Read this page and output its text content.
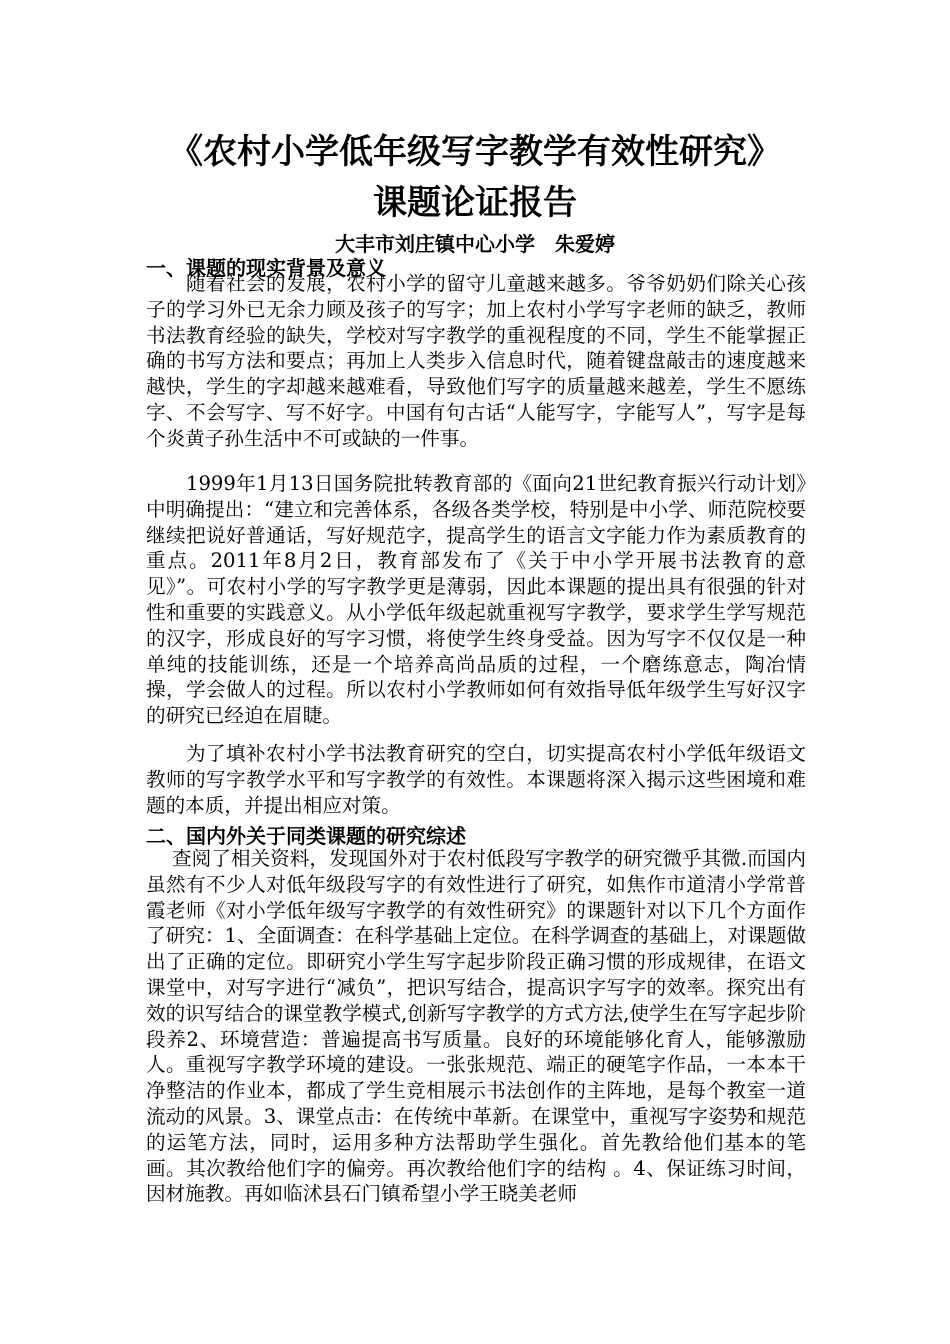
《农村小学低年级写字教学有效性研究》
课题论证报告
大丰市刘庄镇中心小学　朱爱婷
一、课题的现实背景及意义
随着社会的发展，农村小学的留守儿童越来越多。爷爷奶奶们除关心孩子的学习外已无余力顾及孩子的写字；加上农村小学写字老师的缺乏，教师书法教育经验的缺失，学校对写字教学的重视程度的不同，学生不能掌握正确的书写方法和要点；再加上人类步入信息时代，随着键盘敲击的速度越来越快，学生的字却越来越难看，导致他们写字的质量越来越差，学生不愿练字、不会写字、写不好字。中国有句古话“人能写字，字能写人”，写字是每个炎黄子孙生活中不可或缺的一件事。
1999年1月13日国务院批转教育部的《面向21世纪教育振兴行动计划》中明确提出：“建立和完善体系，各级各类学校，特别是中小学、师范院校要继续把说好普通话，写好规范字，提高学生的语言文字能力作为素质教育的重点。2011年8月2日，教育部发布了《关于中小学开展书法教育的意见》”。可农村小学的写字教学更是薄弱，因此本课题的提出具有很强的针对性和重要的实践意义。从小学低年级起就重视写字教学，要求学生学写规范的汉字，形成良好的写字习惯，将使学生终身受益。因为写字不仅仅是一种单纯的技能训练，还是一个培养高尚品质的过程，一个磨练意志，陶冶情操，学会做人的过程。所以农村小学教师如何有效指导低年级学生写好汉字的研究已经迫在眉睫。
为了填补农村小学书法教育研究的空白，切实提高农村小学低年级语文教师的写字教学水平和写字教学的有效性。本课题将深入揭示这些困境和难题的本质，并提出相应对策。
二、国内外关于同类课题的研究综述
查阅了相关资料，发现国外对于农村低段写字教学的研究微乎其微.而国内虽然有不少人对低年级段写字的有效性进行了研究，如焦作市道清小学常普霞老师《对小学低年级写字教学的有效性研究》的课题针对以下几个方面作了研究：1、全面调查：在科学基础上定位。在科学调查的基础上，对课题做出了正确的定位。即研究小学生写字起步阶段正确习惯的形成规律，在语文课堂中，对写字进行“减负”，把识写结合，提高识字写字的效率。探究出有效的识写结合的课堂教学模式,创新写字教学的方式方法,使学生在写字起步阶段养2、环境营造：普遍提高书写质量。良好的环境能够化育人，能够激励人。重视写字教学环境的建设。一张张规范、端正的硬笔字作品，一本本干净整洁的作业本，都成了学生竞相展示书法创作的主阵地，是每个教室一道流动的风景。3、课堂点击：在传统中革新。在课堂中，重视写字姿势和规范的运笔方法，同时，运用多种方法帮助学生强化。首先教给他们基本的笔画。其次教给他们字的偏旁。再次教给他们字的结构 。4、保证练习时间，因材施教。再如临沭县石门镇希望小学王晓美老师
